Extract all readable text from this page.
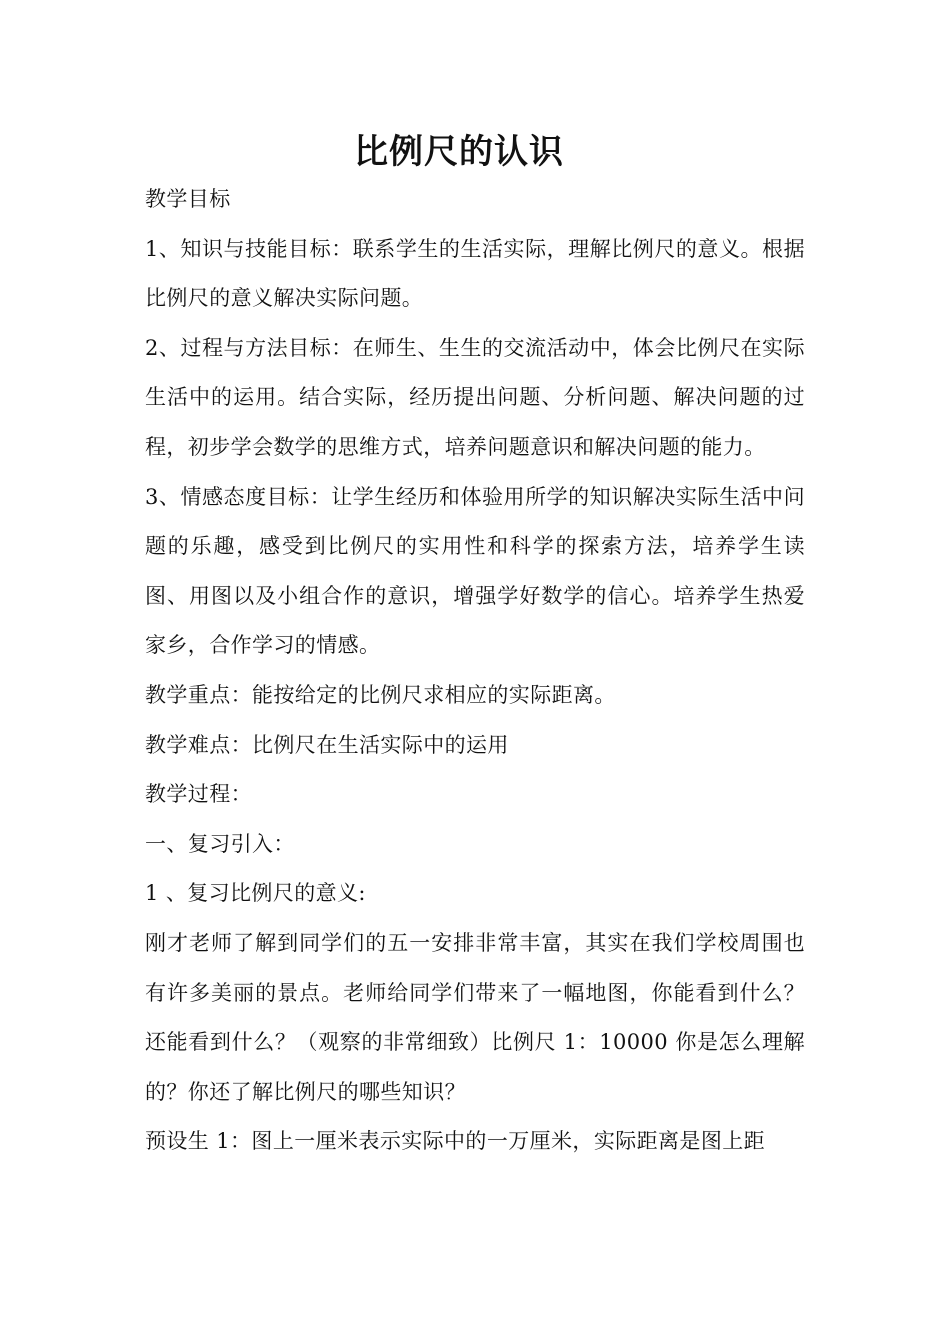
比例尺的认识

教学目标

1、知识与技能目标：联系学生的生活实际，理解比例尺的意义。根据比例尺的意义解决实际问题。

2、过程与方法目标：在师生、生生的交流活动中，体会比例尺在实际生活中的运用。结合实际，经历提出问题、分析问题、解决问题的过程，初步学会数学的思维方式，培养问题意识和解决问题的能力。

3、情感态度目标：让学生经历和体验用所学的知识解决实际生活中问题的乐趣，感受到比例尺的实用性和科学的探索方法，培养学生读图、用图以及小组合作的意识，增强学好数学的信心。培养学生热爱家乡，合作学习的情感。

教学重点：能按给定的比例尺求相应的实际距离。

教学难点：比例尺在生活实际中的运用

教学过程：

一、复习引入：

1 、复习比例尺的意义:

刚才老师了解到同学们的五一安排非常丰富，其实在我们学校周围也有许多美丽的景点。老师给同学们带来了一幅地图，你能看到什么？还能看到什么？（观察的非常细致）比例尺 1：10000 你是怎么理解的？你还了解比例尺的哪些知识？

预设生 1：图上一厘米表示实际中的一万厘米，实际距离是图上距
